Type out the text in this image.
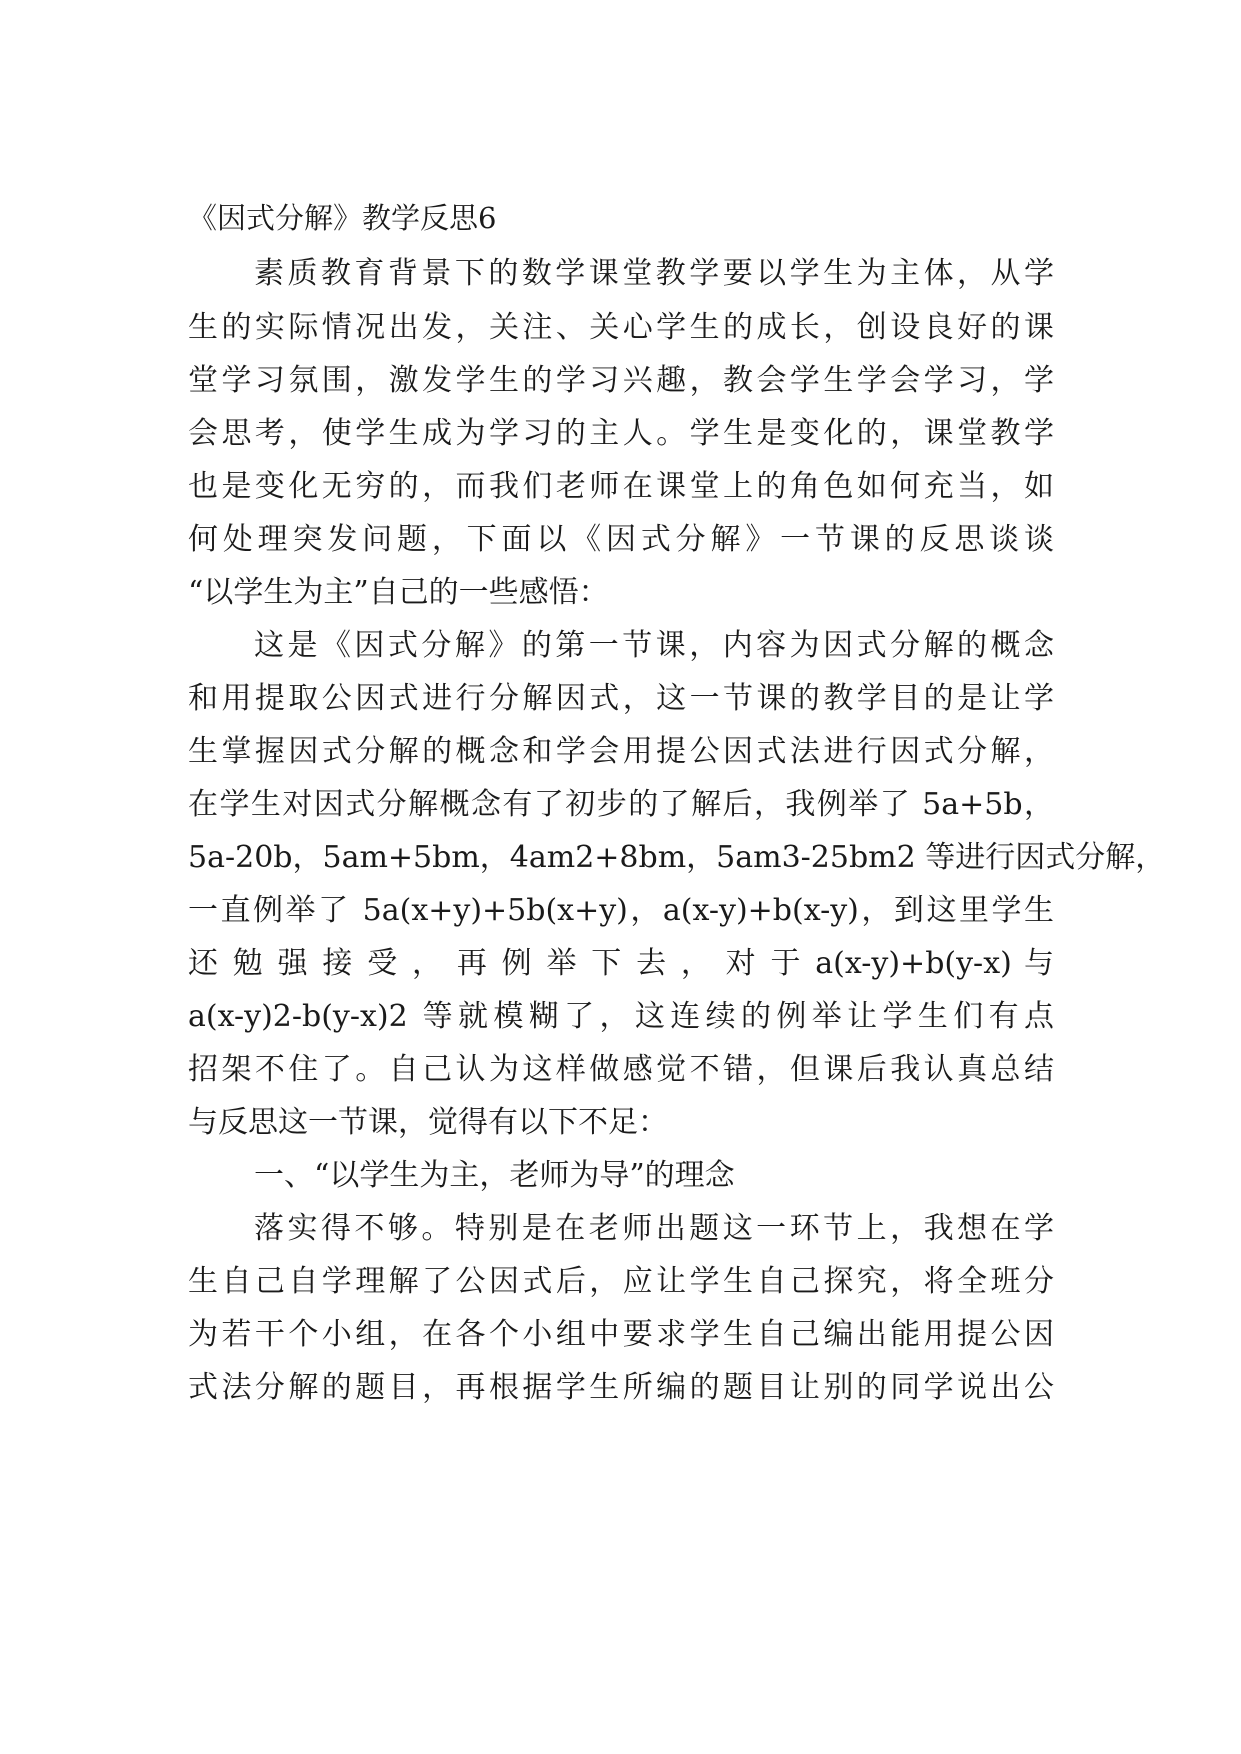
《因式分解》教学反思6
素质教育背景下的数学课堂教学要以学生为主体，从学
生的实际情况出发，关注、关心学生的成长，创设良好的课
堂学习氛围，激发学生的学习兴趣，教会学生学会学习，学
会思考，使学生成为学习的主人。学生是变化的，课堂教学
也是变化无穷的，而我们老师在课堂上的角色如何充当，如
何处理突发问题，下面以《因式分解》一节课的反思谈谈
“以学生为主”自己的一些感悟：
这是《因式分解》的第一节课，内容为因式分解的概念
和用提取公因式进行分解因式，这一节课的教学目的是让学
生掌握因式分解的概念和学会用提公因式法进行因式分解，
在学生对因式分解概念有了初步的了解后，我例举了 5a+5b，
5a-20b，5am+5bm，4am2+8bm，5am3-25bm2 等进行因式分解，
一直例举了 5a(x+y)+5b(x+y)，a(x-y)+b(x-y)，到这里学生
还 勉 强 接 受 ， 再 例 举 下 去 ， 对 于 a(x-y)+b(y-x) 与
a(x-y)2-b(y-x)2 等就模糊了，这连续的例举让学生们有点
招架不住了。自己认为这样做感觉不错，但课后我认真总结
与反思这一节课，觉得有以下不足：
一、“以学生为主，老师为导”的理念
落实得不够。特别是在老师出题这一环节上，我想在学
生自己自学理解了公因式后，应让学生自己探究，将全班分
为若干个小组，在各个小组中要求学生自己编出能用提公因
式法分解的题目，再根据学生所编的题目让别的同学说出公
